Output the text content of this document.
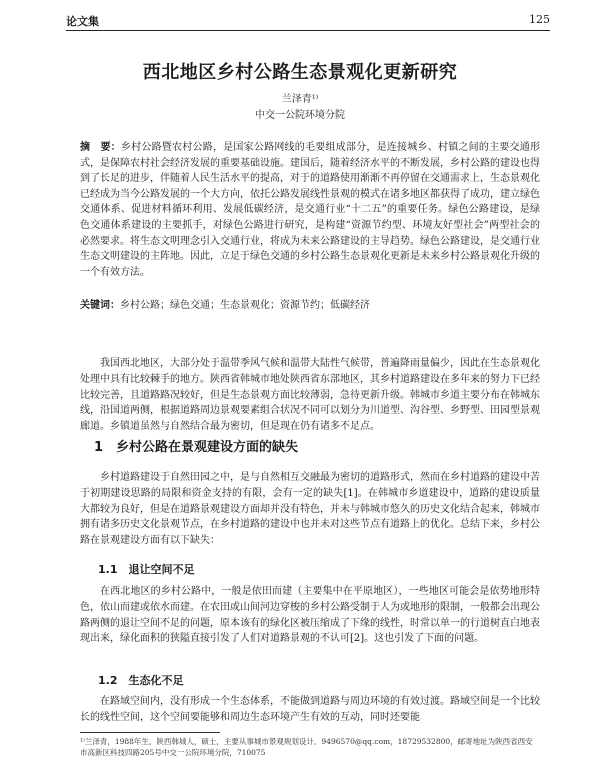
论文集	125
西北地区乡村公路生态景观化更新研究
兰泽青¹⁾
中交一公院环境分院
摘　要：乡村公路暨农村公路，是国家公路网线的毛要组成部分，是连接城乡、村镇之间的主要交通形式，是保障农村社会经济发展的重要基础设施。建国后，随着经济水平的不断发展，乡村公路的建设也得到了长足的进步，伴随着人民生活水平的提高，对于的道路使用渐渐不再停留在交通需求上，生态景观化已经成为当今公路发展的一个大方向，依托公路发展线性景观的模式在诸多地区都获得了成功，建立绿色交通体系、促进材料循环利用、发展低碳经济，是交通行业“十二五”的重要任务。绿色公路建设，是绿色交通体系建设的主要抓手，对绿色公路进行研究，是构建“资源节约型、环境友好型社会”两型社会的必然要求。将生态文明理念引入交通行业，将成为未来公路建设的主导趋势。绿色公路建设，是交通行业生态文明建设的主阵地。因此，立足于绿色交通的乡村公路生态景观化更新是未来乡村公路景观化升级的一个有效方法。
关键词：乡村公路；绿色交通；生态景观化；资源节约；低碳经济
我国西北地区，大部分处于温带季风气候和温带大陆性气候带，普遍降雨量偏少，因此在生态景观化处理中具有比较棘手的地方。陕西省韩城市地处陕西省东部地区，其乡村道路建设在多年来的努力下已经比较完善，且道路路况较好，但是生态景观方面比较薄弱，急待更新升级。韩城市乡道主要分布在韩城东线，沿国道两侧，根据道路周边景观要素组合状况不同可以划分为川道型、沟谷型、乡野型、田园型景观廊道。乡镇道虽然与自然结合最为密切，但是现在仍有诸多不足点。
1　乡村公路在景观建设方面的缺失
乡村道路建设于自然田园之中，是与自然相互交融最为密切的道路形式，然而在乡村道路的建设中苦于初期建设思路的局限和资金支持的有限，会有一定的缺失[1]。在韩城市乡道建设中，道路的建设质量大都较为良好，但是在道路景观建设方面却并没有特色，并未与韩城市悠久的历史文化结合起来，韩城市拥有诸多历史文化景观节点，在乡村道路的建设中也并未对这些节点有道路上的优化。总结下来，乡村公路在景观建设方面有以下缺失：
1.1　退让空间不足
在西北地区的乡村公路中，一般是依田而建（主要集中在平原地区），一些地区可能会是依势地形特色，依山而建或依水而建。在农田或山间河边穿梭的乡村公路受制于人为或地形的限制，一般都会出现公路两侧的退让空间不足的问题，原本该有的绿化区被压缩成了下缘的线性，时常以单一的行道树直白地表现出来，绿化面积的狭隘直接引发了人们对道路景观的不认可[2]。这也引发了下面的问题。
1.2　生态化不足
在路域空间内，没有形成一个生态体系，不能做到道路与周边环境的有效过渡。路域空间是一个比较长的线性空间，这个空间要能够和周边生态环境产生有效的互动，同时还要能
¹⁾兰泽青，1988年生，陕西韩城人，硕士，主要从事城市景观规划设计。9496570@qq.com，18729532800，邮寄地址为陕西省西安市高新区科技四路205号中交一公院环境分院，710075
